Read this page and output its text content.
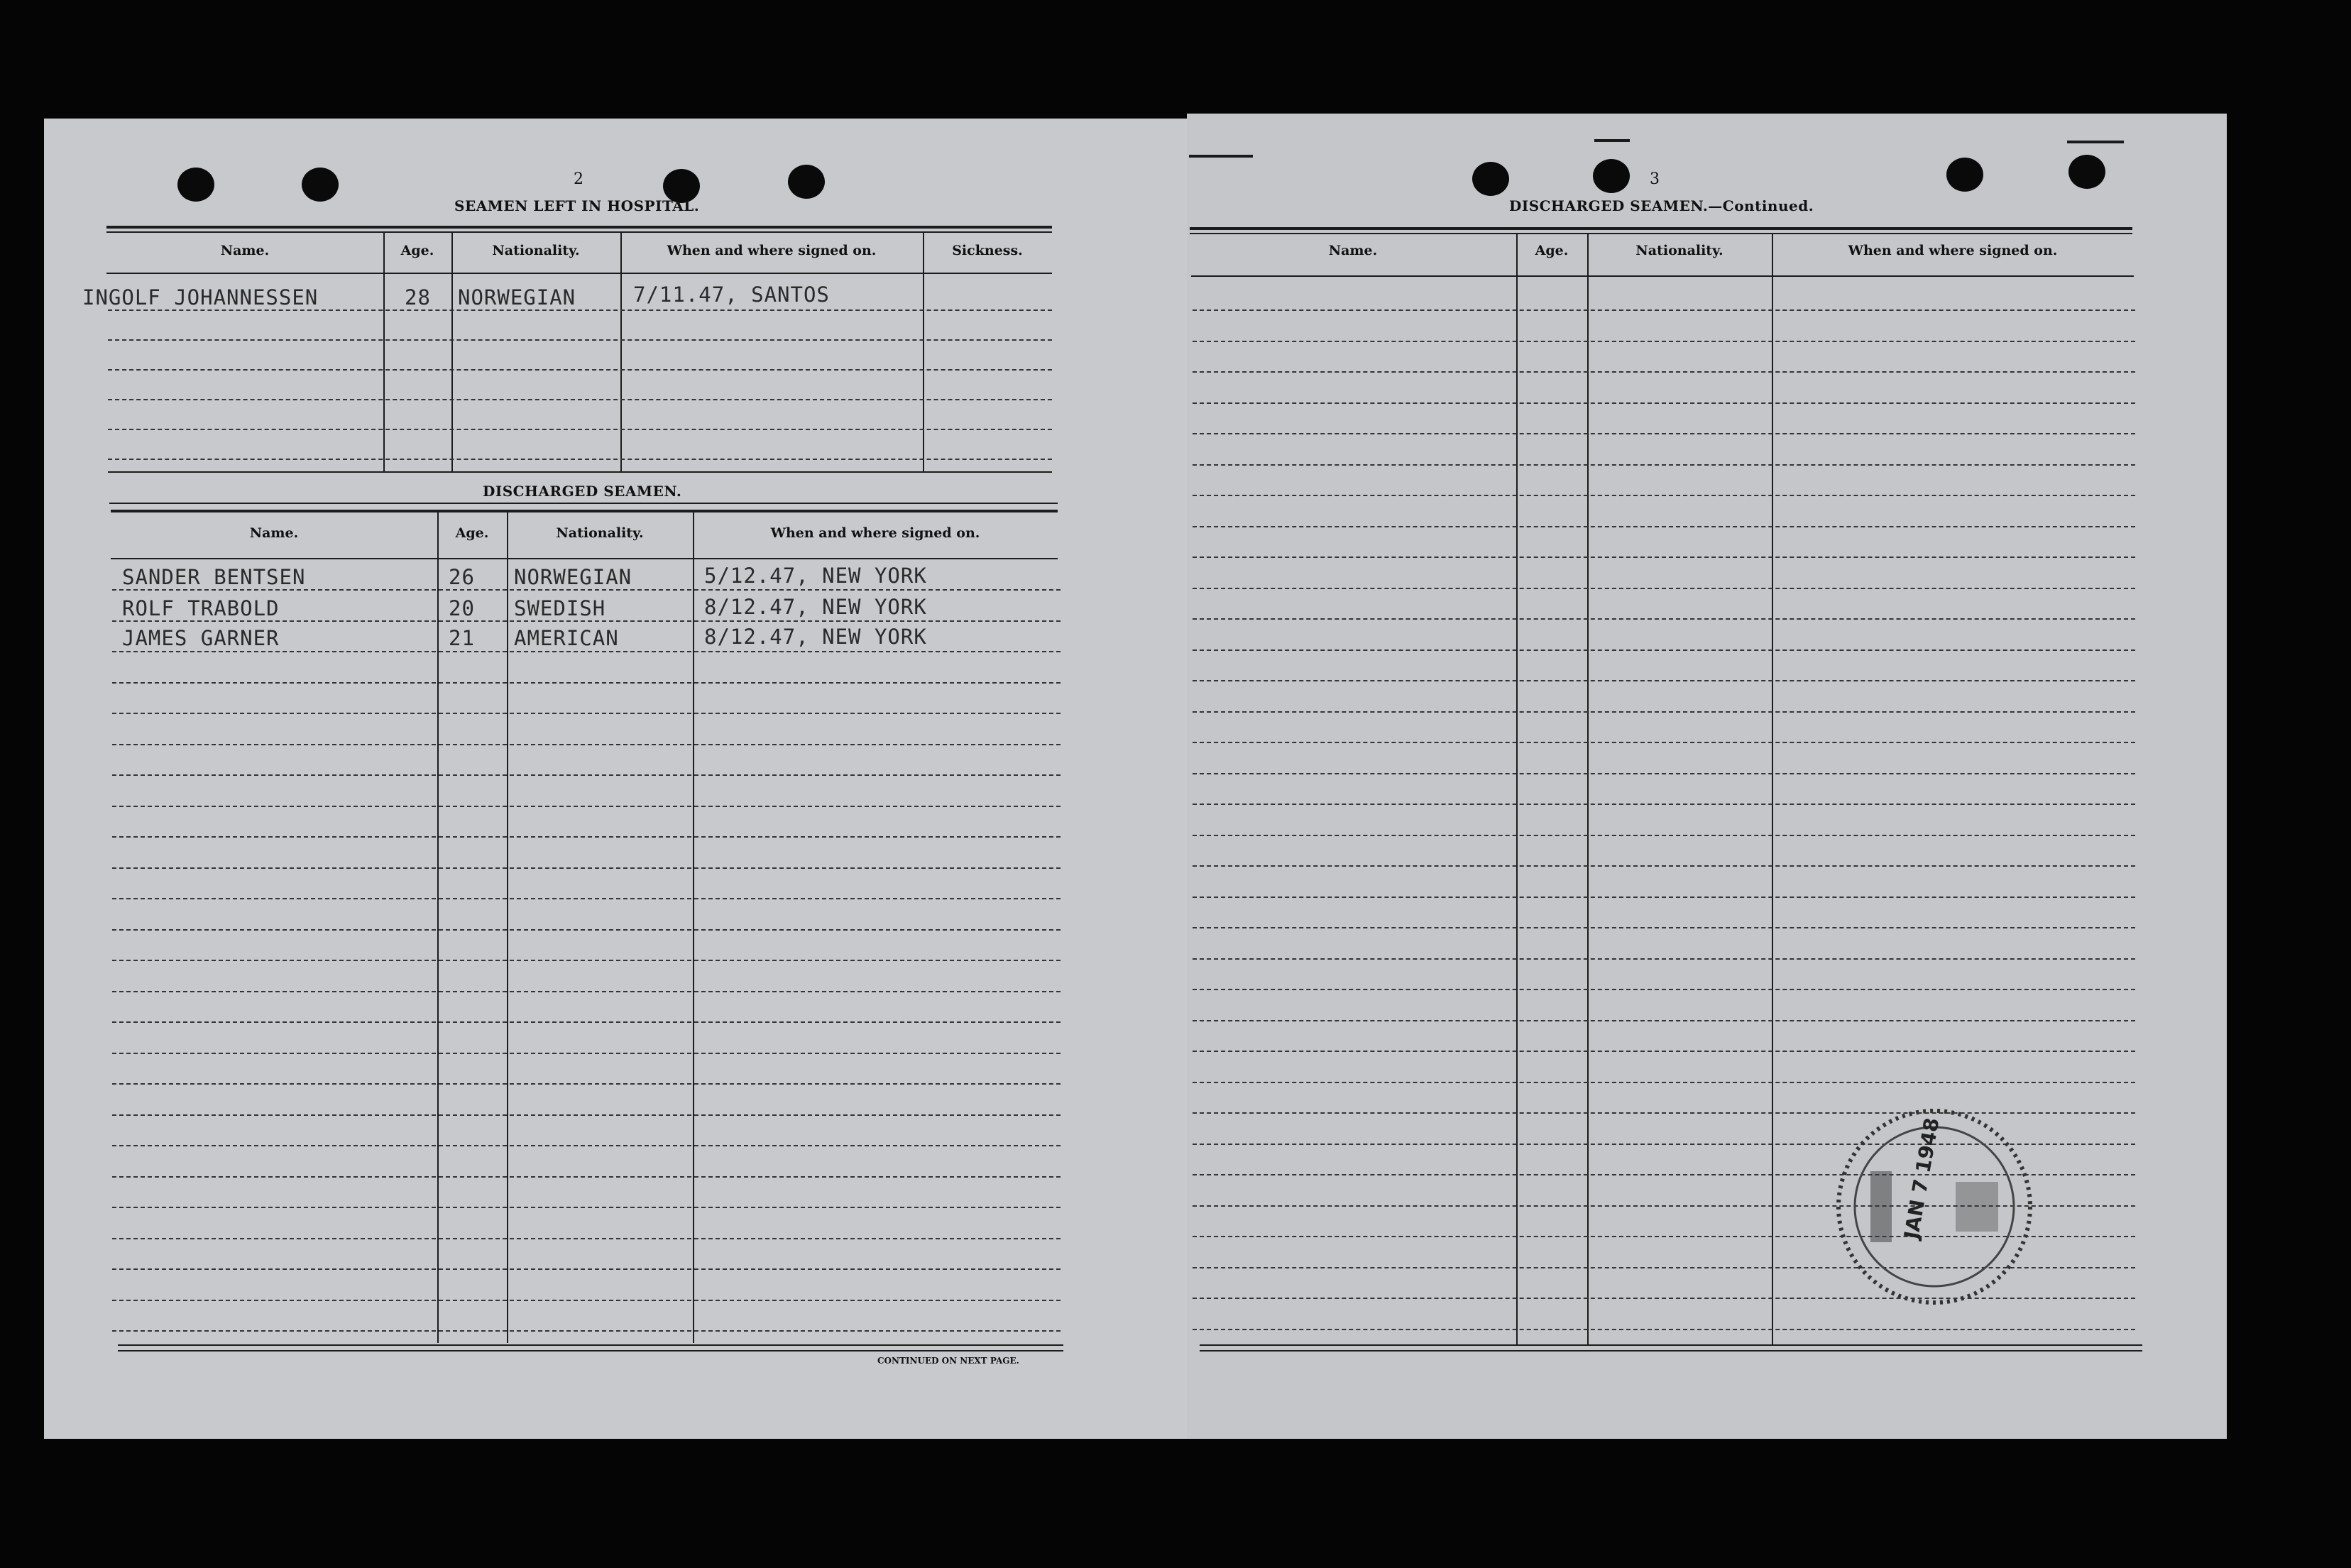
2
SEAMEN LEFT IN HOSPITAL.
Name.	Age.	Nationality.	When and where signed on.	Sickness.
INGOLF JOHANNESSEN	28 NORWEGIAN	7/11.47, SANTOS
DISCHARGED SEAMEN.
Name.	Age.	Nationality.	When and where signed on.
SANDER BENTSEN	26 NORWEGIAN	5/12.47, NEW YORK
ROLF TRABOLD	20 SWEDISH	8/12.47, NEW YORK
JAMES GARNER	21 AMERICAN	8/12.47, NEW YORK
CONTINUED ON NEXT PAGE.
3
DISCHARGED SEAMEN.—Continued.
Name.	Age.	Nationality.	When and where signed on.
JAN 7 1948
